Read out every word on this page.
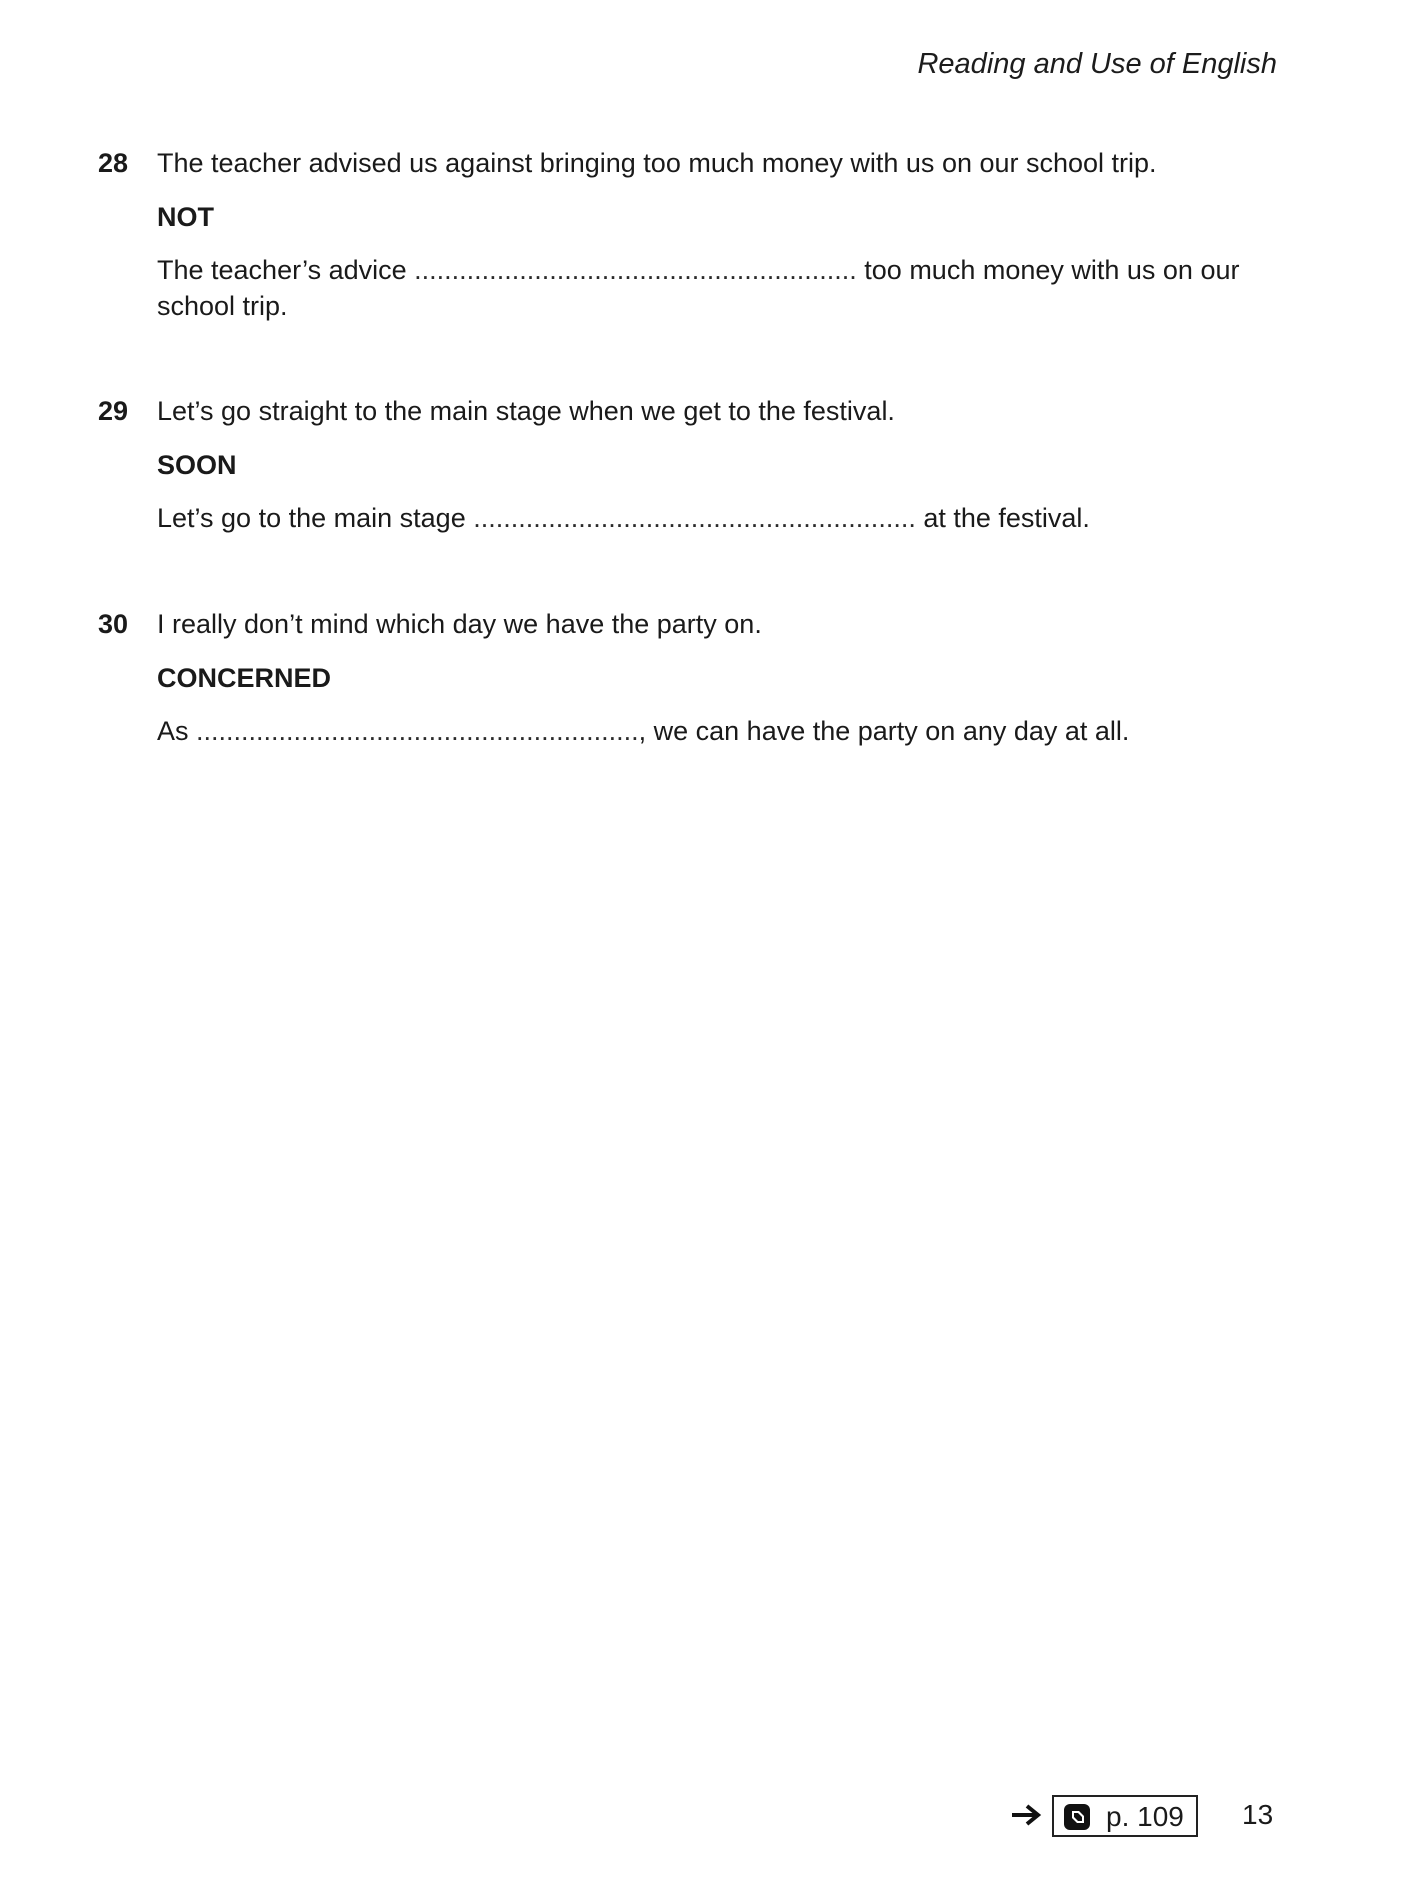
Reading and Use of English
28 The teacher advised us against bringing too much money with us on our school trip.
NOT
The teacher’s advice ........................................................... too much money with us on our school trip.
29 Let’s go straight to the main stage when we get to the festival.
SOON
Let’s go to the main stage ........................................................... at the festival.
30 I really don’t mind which day we have the party on.
CONCERNED
As ..........................................................., we can have the party on any day at all.
p. 109 13
